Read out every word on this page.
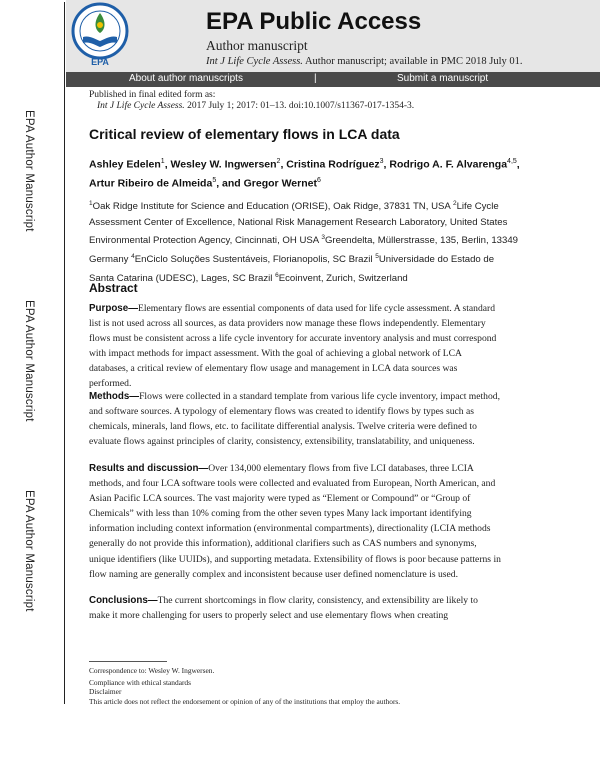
EPA Author Manuscript
EPA Author Manuscript
EPA Author Manuscript
EPA
EPA Public Access
Author manuscript
Int J Life Cycle Assess. Author manuscript; available in PMC 2018 July 01.
About author manuscripts	|	Submit a manuscript
Published in final edited form as:
Int J Life Cycle Assess. 2017 July 1; 2017: 01–13. doi:10.1007/s11367-017-1354-3.
Critical review of elementary flows in LCA data
Ashley Edelen$^1$, Wesley W. Ingwersen$^2$, Cristina Rodríguez$^3$, Rodrigo A. F. Alvarenga$^{4,5}$,
Artur Ribeiro de Almeida$^5$, and Gregor Wernet$^6$
$^1$Oak Ridge Institute for Science and Education (ORISE), Oak Ridge, 37831 TN, USA $^2$Life Cycle Assessment Center of Excellence, National Risk Management Research Laboratory, United States Environmental Protection Agency, Cincinnati, OH USA $^3$Greendelta, Müllerstrasse, 135, Berlin, 13349 Germany $^4$EnCiclo Soluções Sustentáveis, Florianopolis, SC Brazil $^5$Universidade do Estado de Santa Catarina (UDESC), Lages, SC Brazil $^6$Ecoinvent, Zurich, Switzerland
Abstract
Purpose—Elementary flows are essential components of data used for life cycle assessment. A standard list is not used across all sources, as data providers now manage these flows independently. Elementary flows must be consistent across a life cycle inventory for accurate inventory analysis and must correspond with impact methods for impact assessment. With the goal of achieving a global network of LCA databases, a critical review of elementary flow usage and management in LCA data sources was performed.
Methods—Flows were collected in a standard template from various life cycle inventory, impact method, and software sources. A typology of elementary flows was created to identify flows by types such as chemicals, minerals, land flows, etc. to facilitate differential analysis. Twelve criteria were defined to evaluate flows against principles of clarity, consistency, extensibility, translatability, and uniqueness.
Results and discussion—Over 134,000 elementary flows from five LCI databases, three LCIA methods, and four LCA software tools were collected and evaluated from European, North American, and Asian Pacific LCA sources. The vast majority were typed as “Element or Compound” or “Group of Chemicals” with less than 10% coming from the other seven types Many lack important identifying information including context information (environmental compartments), directionality (LCIA methods generally do not provide this information), additional clarifiers such as CAS numbers and synonyms, unique identifiers (like UUIDs), and supporting metadata. Extensibility of flows is poor because patterns in flow naming are generally complex and inconsistent because user defined nomenclature is used.
Conclusions—The current shortcomings in flow clarity, consistency, and extensibility are likely to make it more challenging for users to properly select and use elementary flows when creating
Correspondence to: Wesley W. Ingwersen.
Compliance with ethical standards
Disclaimer
This article does not reflect the endorsement or opinion of any of the institutions that employ the authors.
